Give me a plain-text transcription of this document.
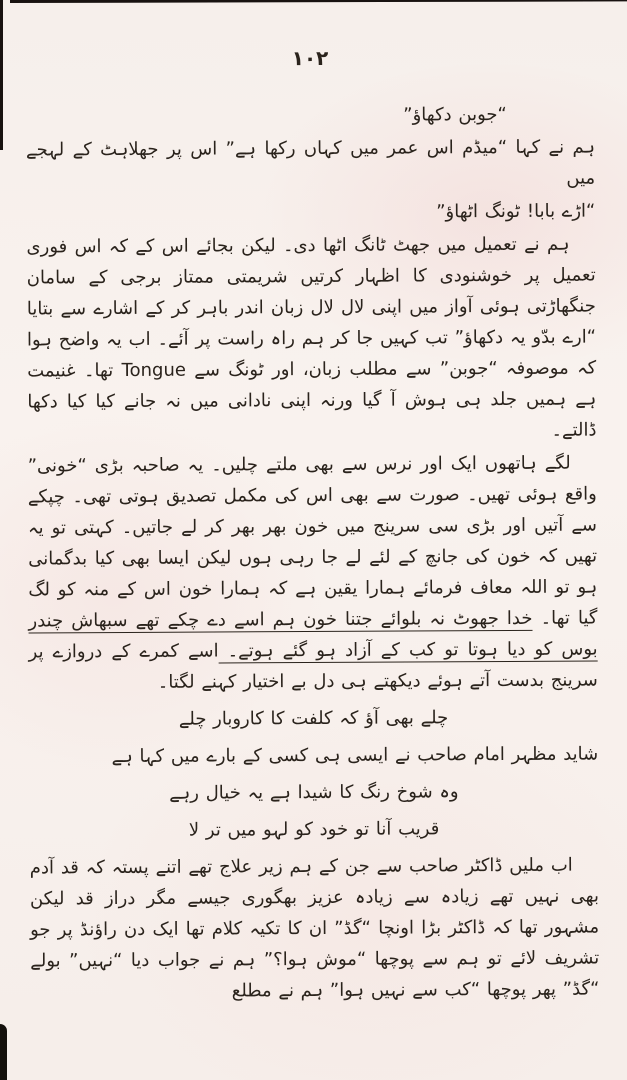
۱۰۲

“جوبن دکھاؤ”

ہم نے کہا “میڈم اس عمر میں کہاں رکھا ہے” اس پر جھلاہٹ کے لہجے میں

“اڑے بابا! ٹونگ اٹھاؤ”

ہم نے تعمیل میں جھٹ ٹانگ اٹھا دی۔ لیکن بجائے اس کے کہ اس فوری تعمیل پر خوشنودی کا اظہار کرتیں شریمتی ممتاز برجی کے سامان جنگھاڑتی ہوئی آواز میں اپنی لال لال زبان اندر باہر کر کے اشارے سے بتایا “ارے بدّو یہ دکھاؤ” تب کہیں جا کر ہم راہ راست پر آئے۔ اب یہ واضح ہوا کہ موصوفہ “جوبن” سے مطلب زبان، اور ٹونگ سے Tongue تھا۔ غنیمت ہے ہمیں جلد ہی ہوش آ گیا ورنہ اپنی نادانی میں نہ جانے کیا کیا دکھا ڈالتے۔

لگے ہاتھوں ایک اور نرس سے بھی ملتے چلیں۔ یہ صاحبہ بڑی “خونی” واقع ہوئی تھیں۔ صورت سے بھی اس کی مکمل تصدیق ہوتی تھی۔ چپکے سے آتیں اور بڑی سی سرینج میں خون بھر بھر کر لے جاتیں۔ کہتی تو یہ تھیں کہ خون کی جانچ کے لئے لے جا رہی ہوں لیکن ایسا بھی کیا بدگمانی ہو تو اللہ معاف فرمائے ہمارا یقین ہے کہ ہمارا خون اس کے منہ کو لگ گیا تھا۔ خدا جھوٹ نہ بلوائے جتنا خون ہم اسے دے چکے تھے سبھاش چندر بوس کو دیا ہوتا تو کب کے آزاد ہو گئے ہوتے۔ اسے کمرے کے دروازے پر سرینج بدست آتے ہوئے دیکھتے ہی دل بے اختیار کہنے لگتا۔

چلے بھی آؤ کہ کلفت کا کاروبار چلے

شاید مظہر امام صاحب نے ایسی ہی کسی کے بارے میں کہا ہے

وہ شوخ رنگ کا شیدا ہے یہ خیال رہے

قریب آنا تو خود کو لہو میں تر لا

اب ملیں ڈاکٹر صاحب سے جن کے ہم زیر علاج تھے اتنے پستہ کہ قد آدم بھی نہیں تھے زیادہ سے زیادہ عزیز بھگوری جیسے مگر دراز قد لیکن مشہور تھا کہ ڈاکٹر بڑا اونچا “گڈ” ان کا تکیہ کلام تھا ایک دن راؤنڈ پر جو تشریف لائے تو ہم سے پوچھا “موش ہوا؟” ہم نے جواب دیا “نہیں” بولے “گڈ” پھر پوچھا “کب سے نہیں ہوا” ہم نے مطلع
